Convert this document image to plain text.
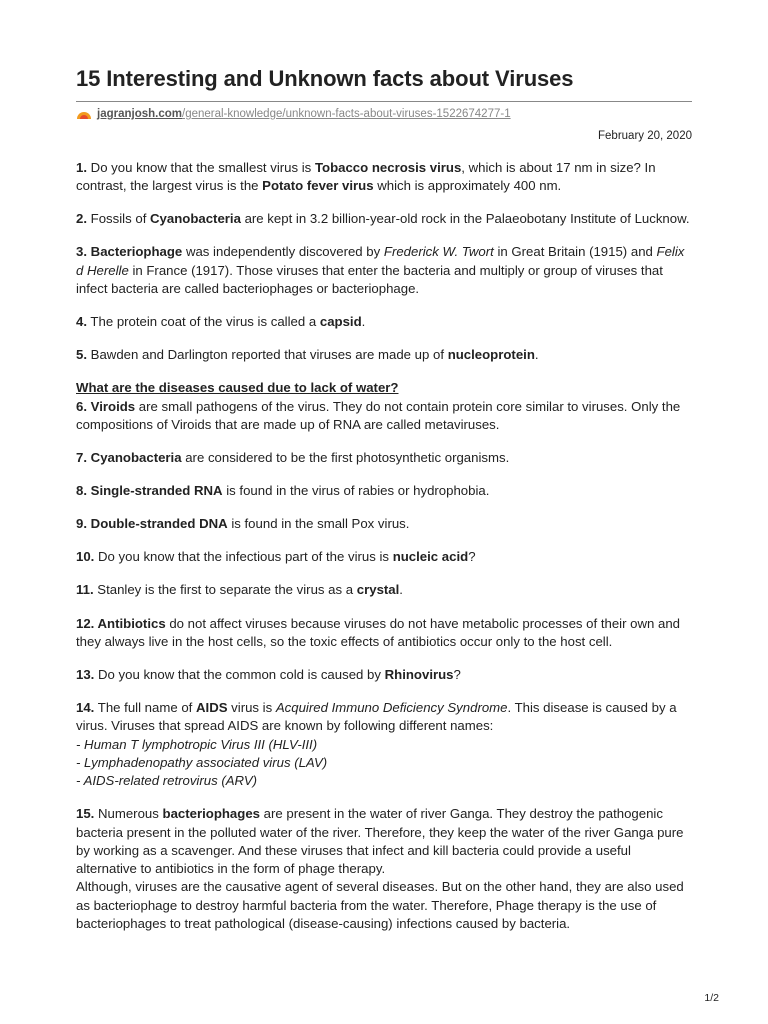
15 Interesting and Unknown facts about Viruses
jagranjosh.com/general-knowledge/unknown-facts-about-viruses-1522674277-1
February 20, 2020

1. Do you know that the smallest virus is Tobacco necrosis virus, which is about 17 nm in size? In contrast, the largest virus is the Potato fever virus which is approximately 400 nm.

2. Fossils of Cyanobacteria are kept in 3.2 billion-year-old rock in the Palaeobotany Institute of Lucknow.

3. Bacteriophage was independently discovered by Frederick W. Twort in Great Britain (1915) and Felix d Herelle in France (1917). Those viruses that enter the bacteria and multiply or group of viruses that infect bacteria are called bacteriophages or bacteriophage.

4. The protein coat of the virus is called a capsid.

5. Bawden and Darlington reported that viruses are made up of nucleoprotein.

What are the diseases caused due to lack of water?

6. Viroids are small pathogens of the virus. They do not contain protein core similar to viruses. Only the compositions of Viroids that are made up of RNA are called metaviruses.

7. Cyanobacteria are considered to be the first photosynthetic organisms.

8. Single-stranded RNA is found in the virus of rabies or hydrophobia.

9. Double-stranded DNA is found in the small Pox virus.

10. Do you know that the infectious part of the virus is nucleic acid?

11. Stanley is the first to separate the virus as a crystal.

12. Antibiotics do not affect viruses because viruses do not have metabolic processes of their own and they always live in the host cells, so the toxic effects of antibiotics occur only to the host cell.

13. Do you know that the common cold is caused by Rhinovirus?

14. The full name of AIDS virus is Acquired Immuno Deficiency Syndrome. This disease is caused by a virus. Viruses that spread AIDS are known by following different names:
- Human T lymphotropic Virus III (HLV-III)
- Lymphadenopathy associated virus (LAV)
- AIDS-related retrovirus (ARV)

15. Numerous bacteriophages are present in the water of river Ganga. They destroy the pathogenic bacteria present in the polluted water of the river. Therefore, they keep the water of the river Ganga pure by working as a scavenger. And these viruses that infect and kill bacteria could provide a useful alternative to antibiotics in the form of phage therapy.
Although, viruses are the causative agent of several diseases. But on the other hand, they are also used as bacteriophage to destroy harmful bacteria from the water. Therefore, Phage therapy is the use of bacteriophages to treat pathological (disease-causing) infections caused by bacteria.

1/2
